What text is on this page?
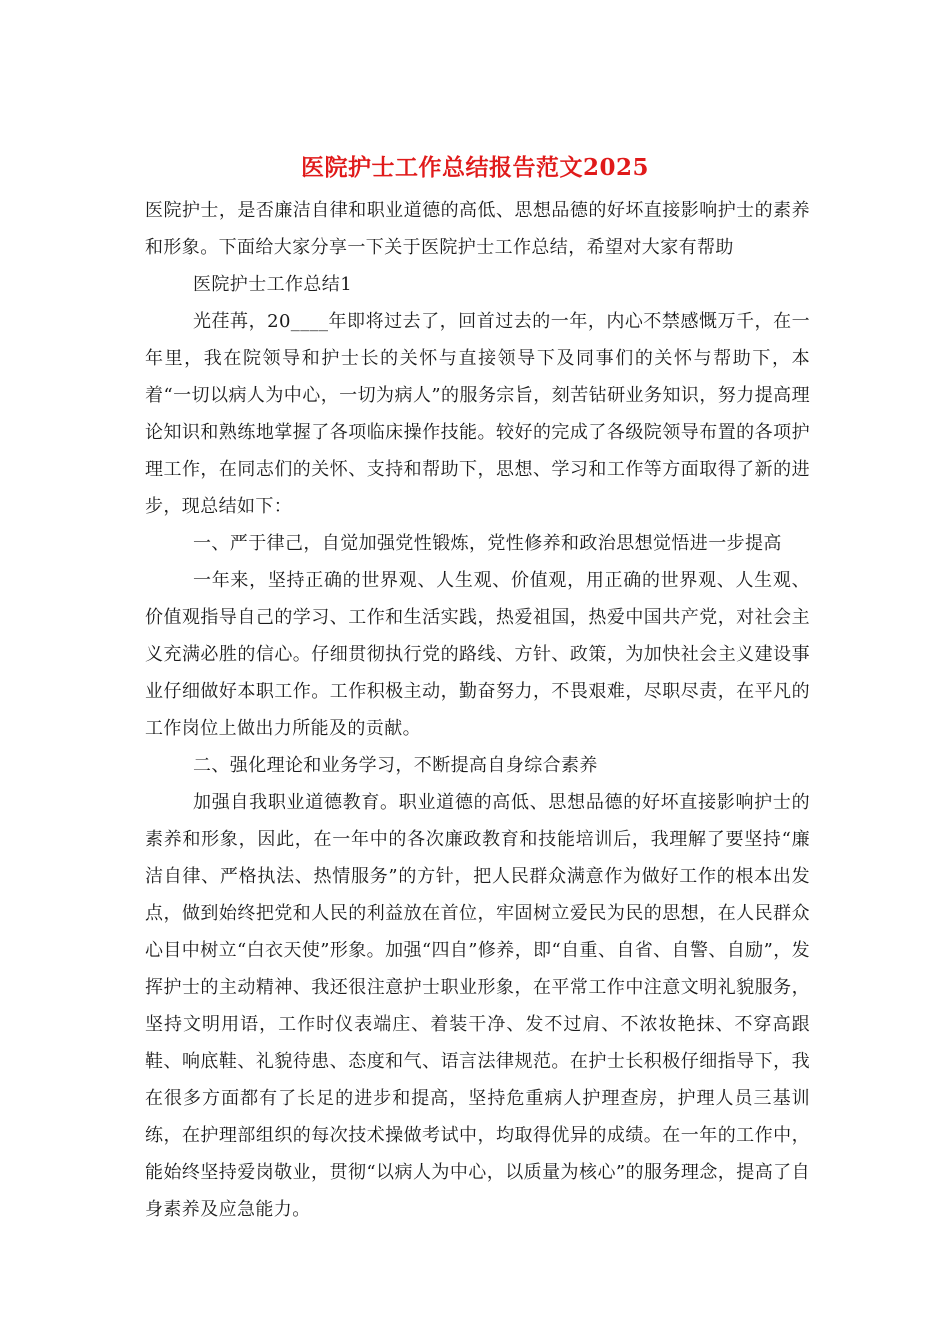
医院护士工作总结报告范文2025

医院护士，是否廉洁自律和职业道德的高低、思想品德的好坏直接影响护士的素养和形象。下面给大家分享一下关于医院护士工作总结，希望对大家有帮助

医院护士工作总结1

光荏苒，20____年即将过去了，回首过去的一年，内心不禁感慨万千，在一年里，我在院领导和护士长的关怀与直接领导下及同事们的关怀与帮助下，本着“一切以病人为中心，一切为病人”的服务宗旨，刻苦钻研业务知识，努力提高理论知识和熟练地掌握了各项临床操作技能。较好的完成了各级院领导布置的各项护理工作，在同志们的关怀、支持和帮助下，思想、学习和工作等方面取得了新的进步，现总结如下：

一、严于律己，自觉加强党性锻炼，党性修养和政治思想觉悟进一步提高

一年来，坚持正确的世界观、人生观、价值观，用正确的世界观、人生观、价值观指导自己的学习、工作和生活实践，热爱祖国，热爱中国共产党，对社会主义充满必胜的信心。仔细贯彻执行党的路线、方针、政策，为加快社会主义建设事业仔细做好本职工作。工作积极主动，勤奋努力，不畏艰难，尽职尽责，在平凡的工作岗位上做出力所能及的贡献。

二、强化理论和业务学习，不断提高自身综合素养

加强自我职业道德教育。职业道德的高低、思想品德的好坏直接影响护士的素养和形象，因此，在一年中的各次廉政教育和技能培训后，我理解了要坚持“廉洁自律、严格执法、热情服务”的方针，把人民群众满意作为做好工作的根本出发点，做到始终把党和人民的利益放在首位，牢固树立爱民为民的思想，在人民群众心目中树立“白衣天使”形象。加强“四自”修养，即“自重、自省、自警、自励”，发挥护士的主动精神、我还很注意护士职业形象，在平常工作中注意文明礼貌服务，坚持文明用语，工作时仪表端庄、着装干净、发不过肩、不浓妆艳抹、不穿高跟鞋、响底鞋、礼貌待患、态度和气、语言法律规范。在护士长积极仔细指导下，我在很多方面都有了长足的进步和提高，坚持危重病人护理查房，护理人员三基训练，在护理部组织的每次技术操做考试中，均取得优异的成绩。在一年的工作中，能始终坚持爱岗敬业，贯彻“以病人为中心，以质量为核心”的服务理念，提高了自身素养及应急能力。
